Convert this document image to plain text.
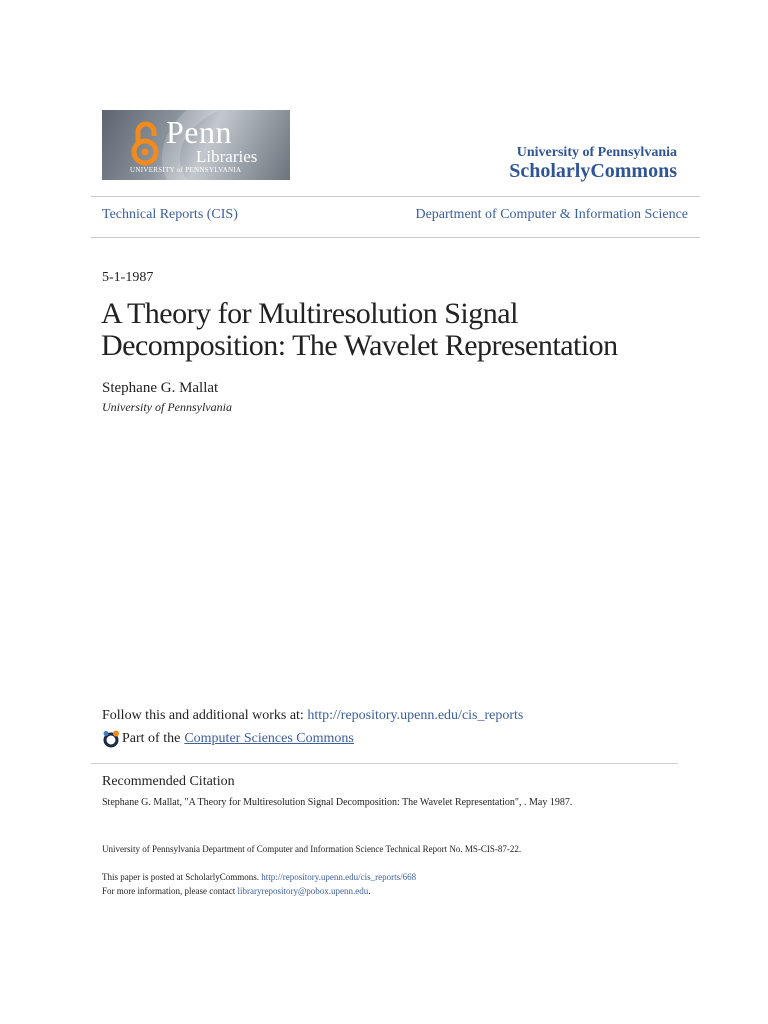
Penn
Libraries
UNIVERSITY of PENNSYLVANIA
University of Pennsylvania
ScholarlyCommons
Technical Reports (CIS)	Department of Computer & Information Science
5-1-1987
A Theory for Multiresolution Signal Decomposition: The Wavelet Representation
Stephane G. Mallat
University of Pennsylvania
Follow this and additional works at: http://repository.upenn.edu/cis_reports
Part of the Computer Sciences Commons
Recommended Citation
Stephane G. Mallat, "A Theory for Multiresolution Signal Decomposition: The Wavelet Representation", . May 1987.
University of Pennsylvania Department of Computer and Information Science Technical Report No. MS-CIS-87-22.
This paper is posted at ScholarlyCommons. http://repository.upenn.edu/cis_reports/668
For more information, please contact libraryrepository@pobox.upenn.edu.
